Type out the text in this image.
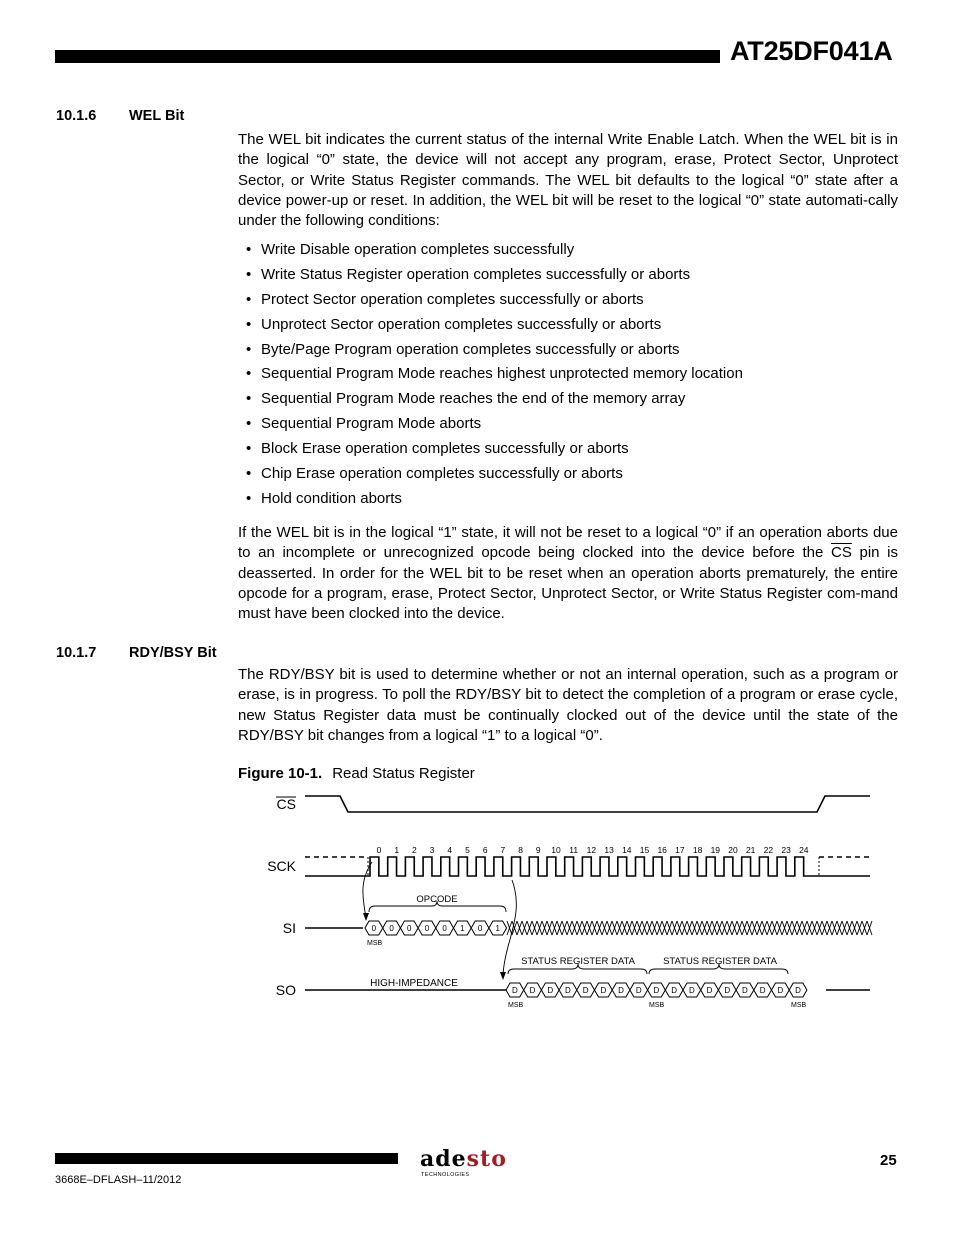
AT25DF041A
10.1.6 WEL Bit

The WEL bit indicates the current status of the internal Write Enable Latch. When the WEL bit is in the logical “0” state, the device will not accept any program, erase, Protect Sector, Unprotect Sector, or Write Status Register commands. The WEL bit defaults to the logical “0” state after a device power-up or reset. In addition, the WEL bit will be reset to the logical “0” state automati-cally under the following conditions:

• Write Disable operation completes successfully
• Write Status Register operation completes successfully or aborts
• Protect Sector operation completes successfully or aborts
• Unprotect Sector operation completes successfully or aborts
• Byte/Page Program operation completes successfully or aborts
• Sequential Program Mode reaches highest unprotected memory location
• Sequential Program Mode reaches the end of the memory array
• Sequential Program Mode aborts
• Block Erase operation completes successfully or aborts
• Chip Erase operation completes successfully or aborts
• Hold condition aborts

If the WEL bit is in the logical “1” state, it will not be reset to a logical “0” if an operation aborts due to an incomplete or unrecognized opcode being clocked into the device before the $\overline{CS}$ pin is deasserted. In order for the WEL bit to be reset when an operation aborts prematurely, the entire opcode for a program, erase, Protect Sector, Unprotect Sector, or Write Status Register com-mand must have been clocked into the device.

10.1.7 RDY/BSY Bit

The RDY/BSY bit is used to determine whether or not an internal operation, such as a program or erase, is in progress. To poll the RDY/BSY bit to detect the completion of a program or erase cycle, new Status Register data must be continually clocked out of the device until the state of the RDY/BSY bit changes from a logical “1” to a logical “0”.

Figure 10-1. Read Status Register

CS
SCK
SI
SO
0 1 2 3 4 5 6 7 8 9 10 11 12 13 14 15 16 17 18 19 20 21 22 23 24
OPCODE
0 0 0 0 0 1 0 1
MSB
HIGH-IMPEDANCE
STATUS REGISTER DATA	STATUS REGISTER DATA
D D D D D D D D D D D D D D D D D
MSB	MSB	MSB

3668E–DFLASH–11/2012

adesto
TECHNOLOGIES

25
